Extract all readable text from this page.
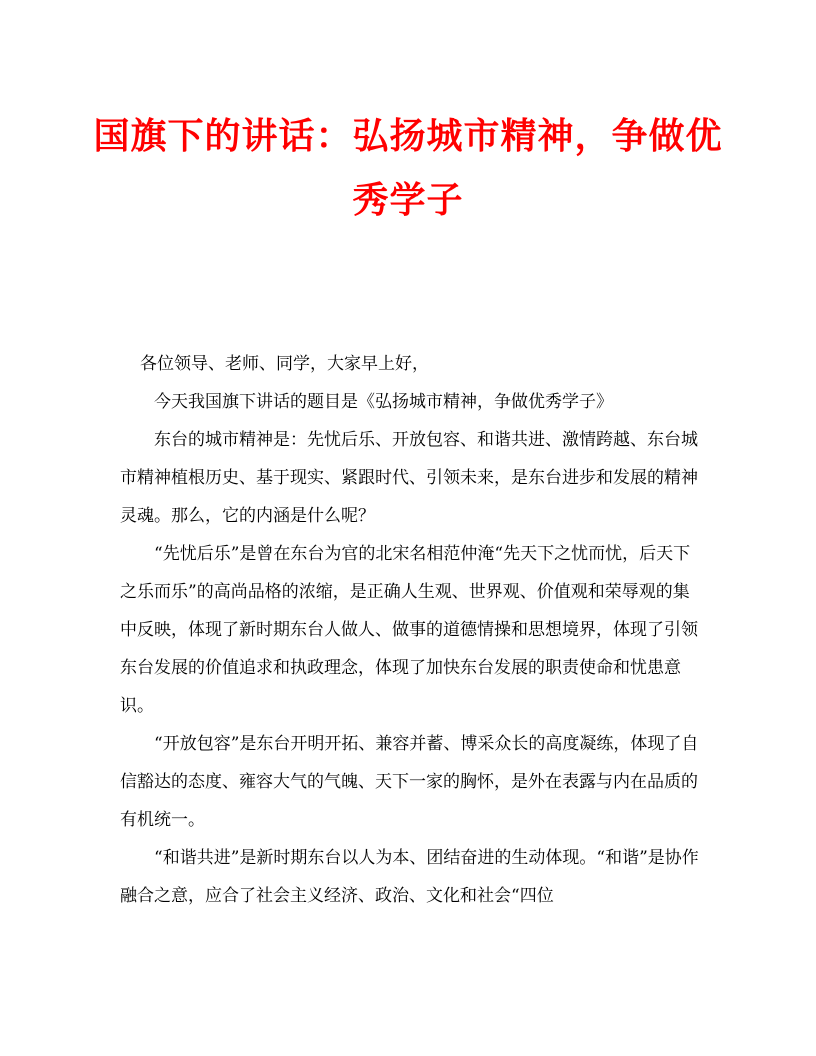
国旗下的讲话：弘扬城市精神，争做优
秀学子

各位领导、老师、同学，大家早上好，

今天我国旗下讲话的题目是《弘扬城市精神，争做优秀学子》

东台的城市精神是：先忧后乐、开放包容、和谐共进、激情跨越、东台城市精神植根历史、基于现实、紧跟时代、引领未来，是东台进步和发展的精神灵魂。那么，它的内涵是什么呢？

“先忧后乐”是曾在东台为官的北宋名相范仲淹“先天下之忧而忧，后天下之乐而乐”的高尚品格的浓缩，是正确人生观、世界观、价值观和荣辱观的集中反映，体现了新时期东台人做人、做事的道德情操和思想境界，体现了引领东台发展的价值追求和执政理念，体现了加快东台发展的职责使命和忧患意识。

“开放包容”是东台开明开拓、兼容并蓄、博采众长的高度凝练，体现了自信豁达的态度、雍容大气的气魄、天下一家的胸怀，是外在表露与内在品质的有机统一。

“和谐共进”是新时期东台以人为本、团结奋进的生动体现。“和谐”是协作融合之意，应合了社会主义经济、政治、文化和社会“四位
